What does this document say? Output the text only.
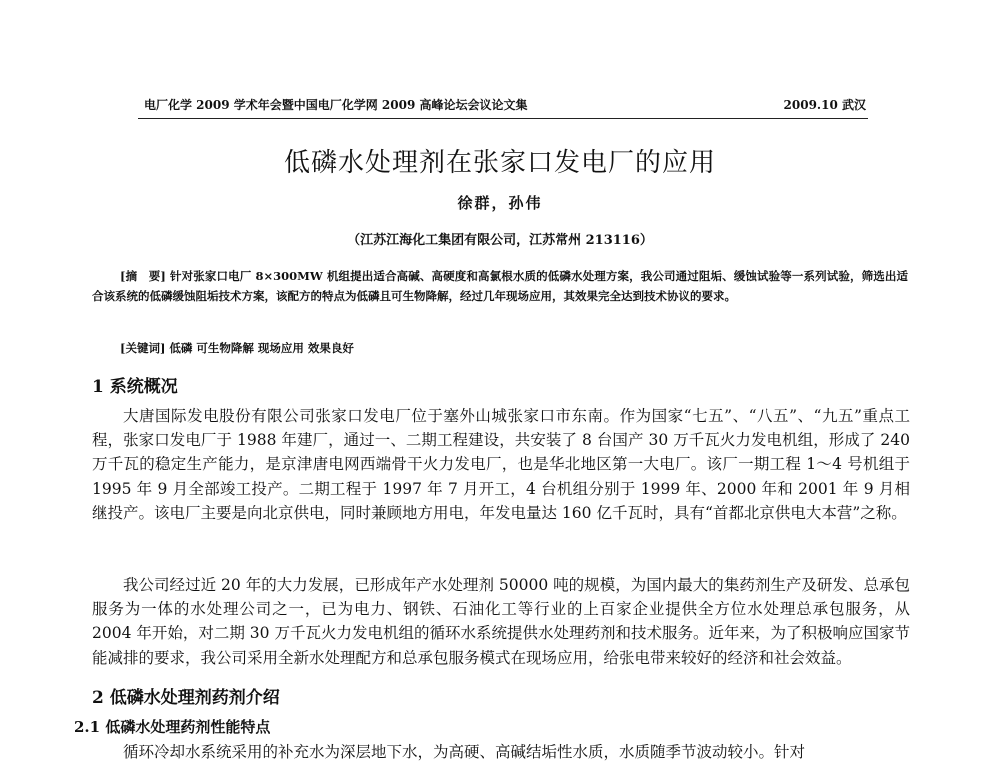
电厂化学 2009 学术年会暨中国电厂化学网 2009 高峰论坛会议论文集	2009.10 武汉
低磷水处理剂在张家口发电厂的应用
徐群，孙伟
（江苏江海化工集团有限公司，江苏常州 213116）
[摘　要] 针对张家口电厂 8×300MW 机组提出适合高碱、高硬度和高氯根水质的低磷水处理方案，我公司通过阻垢、缓蚀试验等一系列试验，筛选出适合该系统的低磷缓蚀阻垢技术方案，该配方的特点为低磷且可生物降解，经过几年现场应用，其效果完全达到技术协议的要求。
[关键词] 低磷 可生物降解 现场应用 效果良好
1 系统概况
大唐国际发电股份有限公司张家口发电厂位于塞外山城张家口市东南。作为国家“七五”、“八五”、“九五”重点工程，张家口发电厂于 1988 年建厂，通过一、二期工程建设，共安装了 8 台国产 30 万千瓦火力发电机组，形成了 240 万千瓦的稳定生产能力，是京津唐电网西端骨干火力发电厂，也是华北地区第一大电厂。该厂一期工程 1～4 号机组于 1995 年 9 月全部竣工投产。二期工程于 1997 年 7 月开工，4 台机组分别于 1999 年、2000 年和 2001 年 9 月相继投产。该电厂主要是向北京供电，同时兼顾地方用电，年发电量达 160 亿千瓦时，具有“首都北京供电大本营”之称。
我公司经过近 20 年的大力发展，已形成年产水处理剂 50000 吨的规模，为国内最大的集药剂生产及研发、总承包服务为一体的水处理公司之一，已为电力、钢铁、石油化工等行业的上百家企业提供全方位水处理总承包服务，从 2004 年开始，对二期 30 万千瓦火力发电机组的循环水系统提供水处理药剂和技术服务。近年来，为了积极响应国家节能减排的要求，我公司采用全新水处理配方和总承包服务模式在现场应用，给张电带来较好的经济和社会效益。
2 低磷水处理剂药剂介绍
2.1 低磷水处理药剂性能特点
循环冷却水系统采用的补充水为深层地下水，为高硬、高碱结垢性水质，水质随季节波动较小。针对
